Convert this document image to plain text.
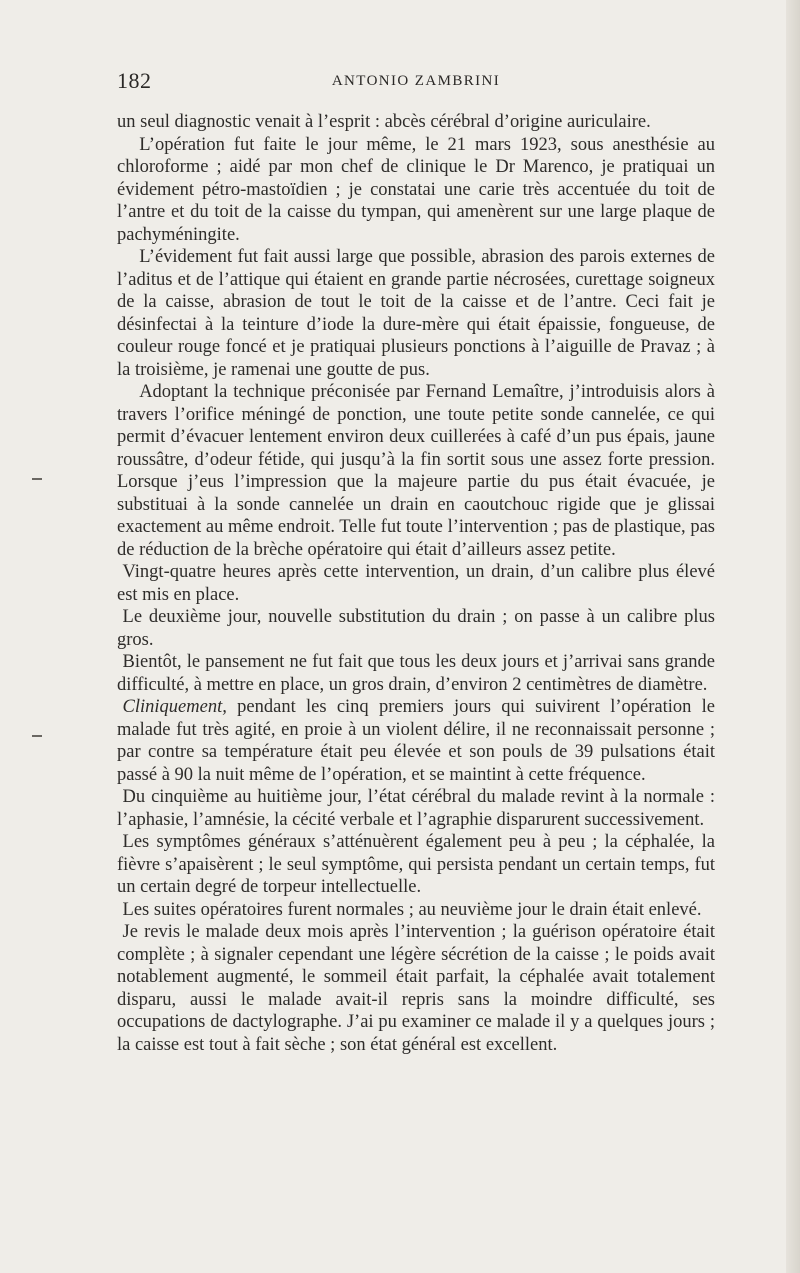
182	ANTONIO ZAMBRINI

un seul diagnostic venait à l’esprit : abcès cérébral d’origine auriculaire.

L’opération fut faite le jour même, le 21 mars 1923, sous anesthésie au chloroforme ; aidé par mon chef de clinique le Dr Marenco, je pratiquai un évidement pétro-mastoïdien ; je constatai une carie très accentuée du toit de l’antre et du toit de la caisse du tympan, qui amenèrent sur une large plaque de pachyméningite.

L’évidement fut fait aussi large que possible, abrasion des parois externes de l’aditus et de l’attique qui étaient en grande partie nécrosées, curettage soigneux de la caisse, abrasion de tout le toit de la caisse et de l’antre. Ceci fait je désinfectai à la teinture d’iode la dure-mère qui était épaissie, fongueuse, de couleur rouge foncé et je pratiquai plusieurs ponctions à l’aiguille de Pravaz ; à la troisième, je ramenai une goutte de pus.

Adoptant la technique préconisée par Fernand Lemaître, j’introduisis alors à travers l’orifice méningé de ponction, une toute petite sonde cannelée, ce qui permit d’évacuer lentement environ deux cuillerées à café d’un pus épais, jaune roussâtre, d’odeur fétide, qui jusqu’à la fin sortit sous une assez forte pression. Lorsque j’eus l’impression que la majeure partie du pus était évacuée, je substituai à la sonde cannelée un drain en caoutchouc rigide que je glissai exactement au même endroit. Telle fut toute l’intervention ; pas de plastique, pas de réduction de la brèche opératoire qui était d’ailleurs assez petite.

Vingt-quatre heures après cette intervention, un drain, d’un calibre plus élevé est mis en place.

Le deuxième jour, nouvelle substitution du drain ; on passe à un calibre plus gros.

Bientôt, le pansement ne fut fait que tous les deux jours et j’arrivai sans grande difficulté, à mettre en place, un gros drain, d’environ 2 centimètres de diamètre.

Cliniquement, pendant les cinq premiers jours qui suivirent l’opération le malade fut très agité, en proie à un violent délire, il ne reconnaissait personne ; par contre sa température était peu élevée et son pouls de 39 pulsations était passé à 90 la nuit même de l’opération, et se maintint à cette fréquence.

Du cinquième au huitième jour, l’état cérébral du malade revint à la normale : l’aphasie, l’amnésie, la cécité verbale et l’agraphie disparurent successivement.

Les symptômes généraux s’atténuèrent également peu à peu ; la céphalée, la fièvre s’apaisèrent ; le seul symptôme, qui persista pendant un certain temps, fut un certain degré de torpeur intellectuelle.

Les suites opératoires furent normales ; au neuvième jour le drain était enlevé.

Je revis le malade deux mois après l’intervention ; la guérison opératoire était complète ; à signaler cependant une légère sécrétion de la caisse ; le poids avait notablement augmenté, le sommeil était parfait, la céphalée avait totalement disparu, aussi le malade avait-il repris sans la moindre difficulté, ses occupations de dactylographe. J’ai pu examiner ce malade il y a quelques jours ; la caisse est tout à fait sèche ; son état général est excellent.
